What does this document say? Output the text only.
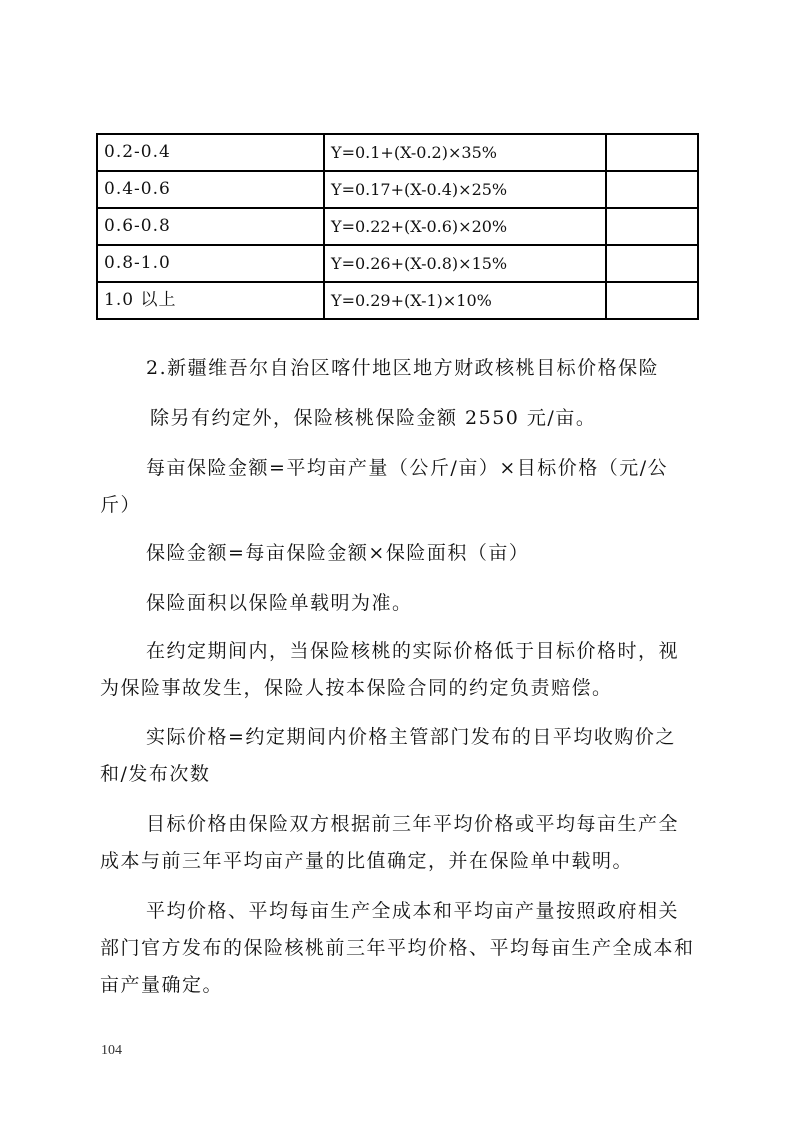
0.2-0.4	Y=0.1+(X-0.2)×35%	
0.4-0.6	Y=0.17+(X-0.4)×25%	
0.6-0.8	Y=0.22+(X-0.6)×20%	
0.8-1.0	Y=0.26+(X-0.8)×15%	
1.0 以上	Y=0.29+(X-1)×10%	

2.新疆维吾尔自治区喀什地区地方财政核桃目标价格保险

除另有约定外，保险核桃保险金额 2550 元/亩。

每亩保险金额=平均亩产量（公斤/亩）×目标价格（元/公斤）

保险金额=每亩保险金额×保险面积（亩）

保险面积以保险单载明为准。

在约定期间内，当保险核桃的实际价格低于目标价格时，视为保险事故发生，保险人按本保险合同的约定负责赔偿。

实际价格=约定期间内价格主管部门发布的日平均收购价之和/发布次数

目标价格由保险双方根据前三年平均价格或平均每亩生产全成本与前三年平均亩产量的比值确定，并在保险单中载明。

平均价格、平均每亩生产全成本和平均亩产量按照政府相关部门官方发布的保险核桃前三年平均价格、平均每亩生产全成本和亩产量确定。

104
